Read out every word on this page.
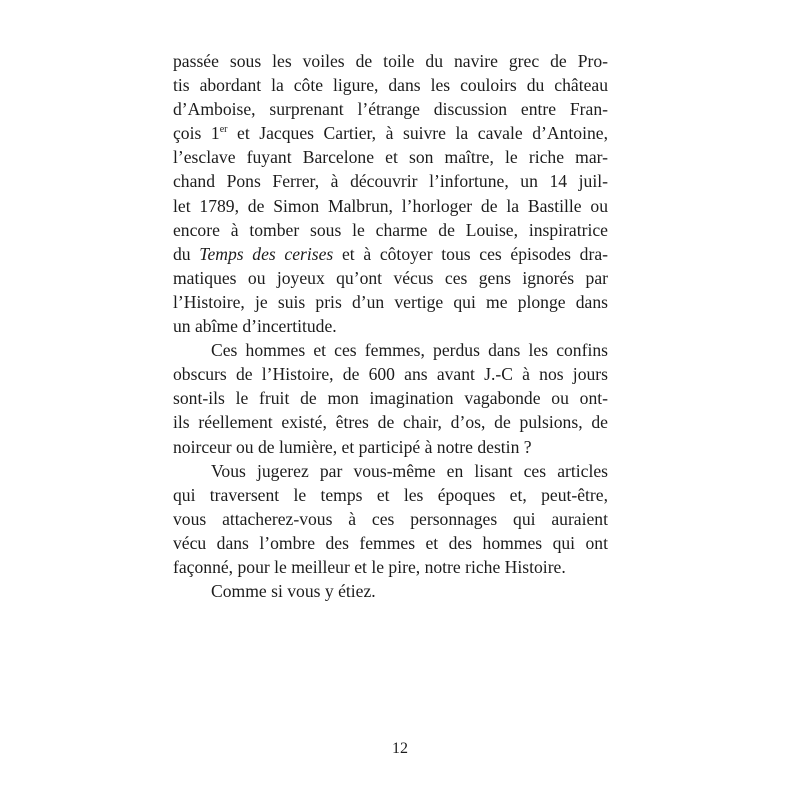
passée sous les voiles de toile du navire grec de Pro-
tis abordant la côte ligure, dans les couloirs du château
d’Amboise, surprenant l’étrange discussion entre Fran-
çois 1er et Jacques Cartier, à suivre la cavale d’Antoine,
l’esclave fuyant Barcelone et son maître, le riche mar-
chand Pons Ferrer, à découvrir l’infortune, un 14 juil-
let 1789, de Simon Malbrun, l’horloger de la Bastille ou
encore à tomber sous le charme de Louise, inspiratrice
du Temps des cerises et à côtoyer tous ces épisodes dra-
matiques ou joyeux qu’ont vécus ces gens ignorés par
l’Histoire, je suis pris d’un vertige qui me plonge dans
un abîme d’incertitude.
Ces hommes et ces femmes, perdus dans les confins
obscurs de l’Histoire, de 600 ans avant J.-C à nos jours
sont-ils le fruit de mon imagination vagabonde ou ont-
ils réellement existé, êtres de chair, d’os, de pulsions, de
noirceur ou de lumière, et participé à notre destin ?
Vous jugerez par vous-même en lisant ces articles
qui traversent le temps et les époques et, peut-être,
vous attacherez-vous à ces personnages qui auraient
vécu dans l’ombre des femmes et des hommes qui ont
façonné, pour le meilleur et le pire, notre riche Histoire.
Comme si vous y étiez.
12
